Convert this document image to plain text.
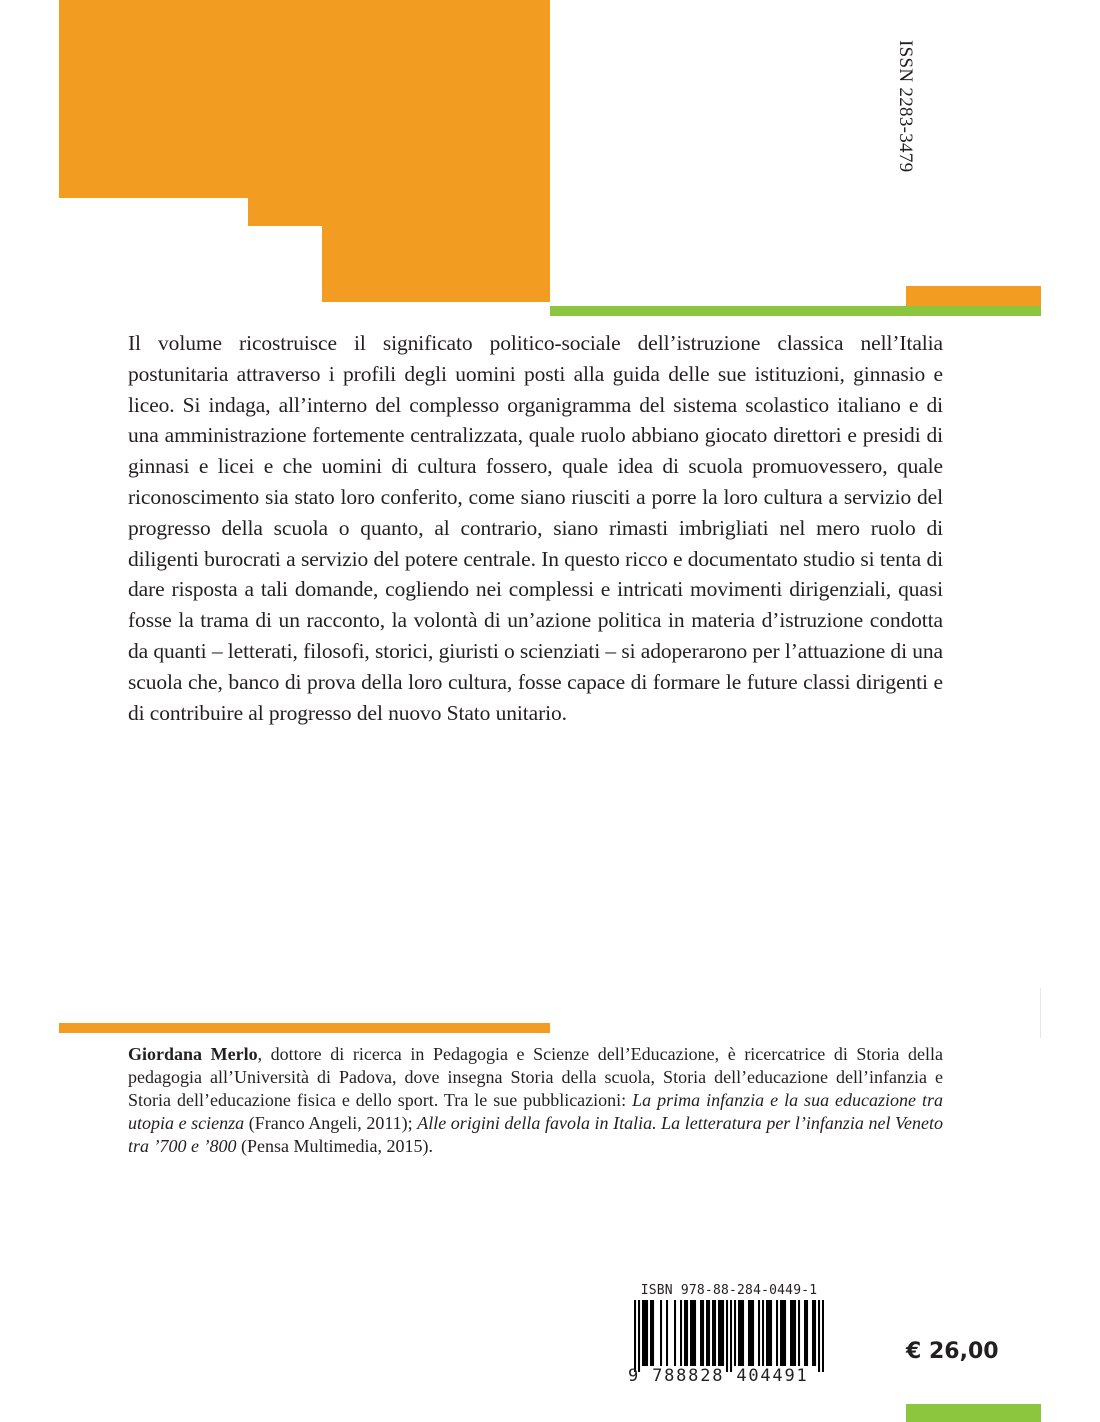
ISSN 2283-3479

Il volume ricostruisce il significato politico-sociale dell’istruzione classica nell’Italia postunitaria attraverso i profili degli uomini posti alla guida delle sue istituzioni, ginnasio e liceo. Si indaga, all’interno del complesso organigramma del sistema scolastico italiano e di una amministrazione fortemente centralizzata, quale ruolo abbiano giocato direttori e presidi di ginnasi e licei e che uomini di cultura fossero, quale idea di scuola promuovessero, quale riconoscimento sia stato loro conferito, come siano riusciti a porre la loro cultura a servizio del progresso della scuola o quanto, al contrario, siano rimasti imbrigliati nel mero ruolo di diligenti burocrati a servizio del potere centrale. In questo ricco e documentato studio si tenta di dare risposta a tali domande, cogliendo nei complessi e intricati movimenti dirigenziali, quasi fosse la trama di un racconto, la volontà di un’azione politica in materia d’istruzione condotta da quanti – letterati, filosofi, storici, giuristi o scienziati – si adoperarono per l’attuazione di una scuola che, banco di prova della loro cultura, fosse capace di formare le future classi dirigenti e di contribuire al progresso del nuovo Stato unitario.

Giordana Merlo, dottore di ricerca in Pedagogia e Scienze dell’Educazione, è ricercatrice di Storia della pedagogia all’Università di Padova, dove insegna Storia della scuola, Storia dell’educazione dell’infanzia e Storia dell’educazione fisica e dello sport. Tra le sue pubblicazioni: La prima infanzia e la sua educazione tra utopia e scienza (Franco Angeli, 2011); Alle origini della favola in Italia. La letteratura per l’infanzia nel Veneto tra ’700 e ’800 (Pensa Multimedia, 2015).

ISBN 978-88-284-0449-1
9 788828 404491
€ 26,00
